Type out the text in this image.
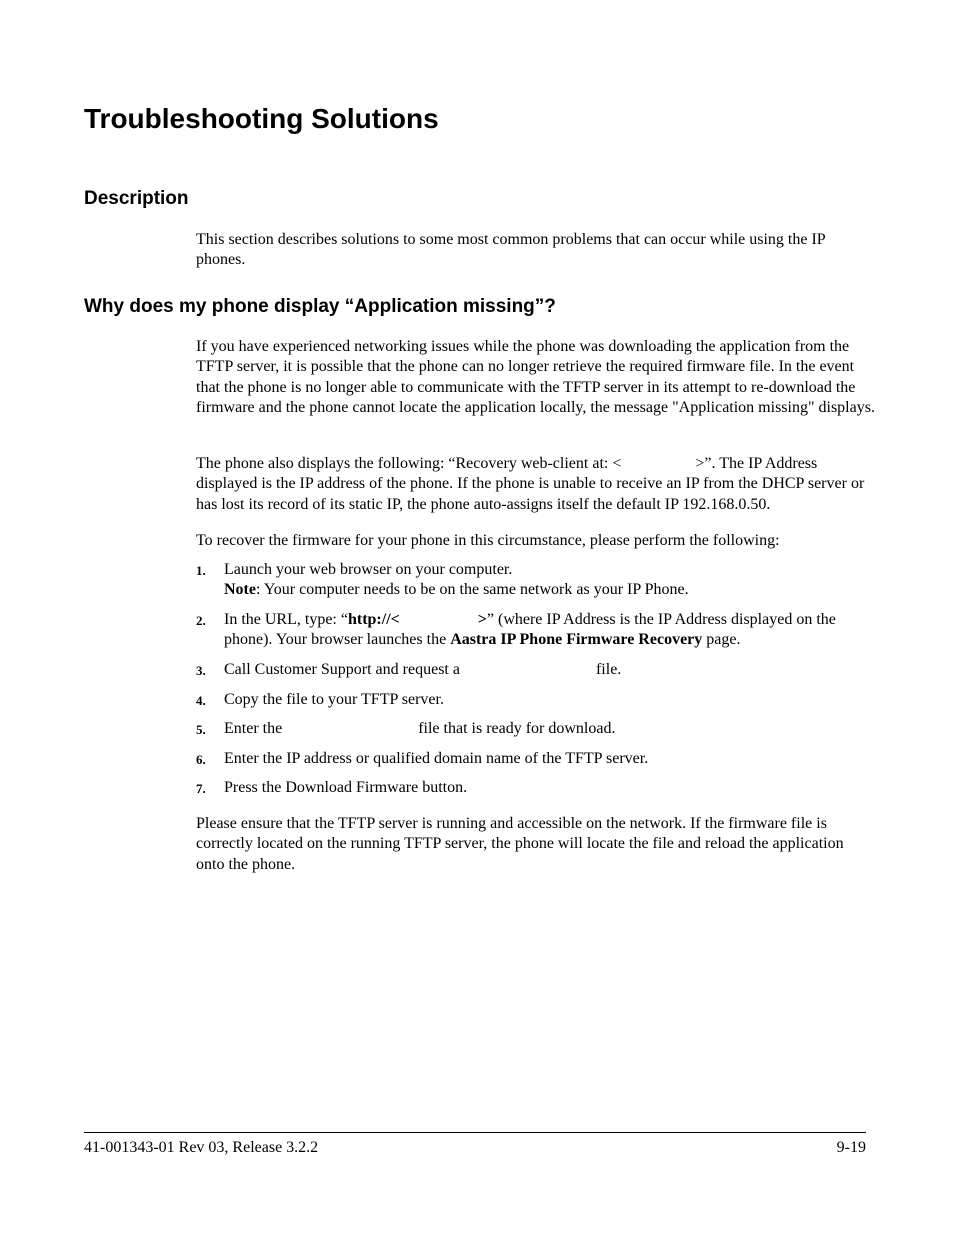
Troubleshooting Solutions
Description

This section describes solutions to some most common problems that can occur while using the IP phones.

Why does my phone display “Application missing”?

If you have experienced networking issues while the phone was downloading the application from the TFTP server, it is possible that the phone can no longer retrieve the required firmware file. In the event that the phone is no longer able to communicate with the TFTP server in its attempt to re-download the firmware and the phone cannot locate the application locally, the message "Application missing" displays.

The phone also displays the following: “Recovery web-client at: <	>”. The IP Address displayed is the IP address of the phone. If the phone is unable to receive an IP from the DHCP server or has lost its record of its static IP, the phone auto-assigns itself the default IP 192.168.0.50.

To recover the firmware for your phone in this circumstance, please perform the following:

1. Launch your web browser on your computer.
Note: Your computer needs to be on the same network as your IP Phone.
2. In the URL, type: “http://<	>” (where IP Address is the IP Address displayed on the phone). Your browser launches the Aastra IP Phone Firmware Recovery page.
3. Call Customer Support and request a	file.
4. Copy the file to your TFTP server.
5. Enter the	file that is ready for download.
6. Enter the IP address or qualified domain name of the TFTP server.
7. Press the Download Firmware button.

Please ensure that the TFTP server is running and accessible on the network. If the firmware file is correctly located on the running TFTP server, the phone will locate the file and reload the application onto the phone.

41-001343-01 Rev 03, Release 3.2.2	9-19
